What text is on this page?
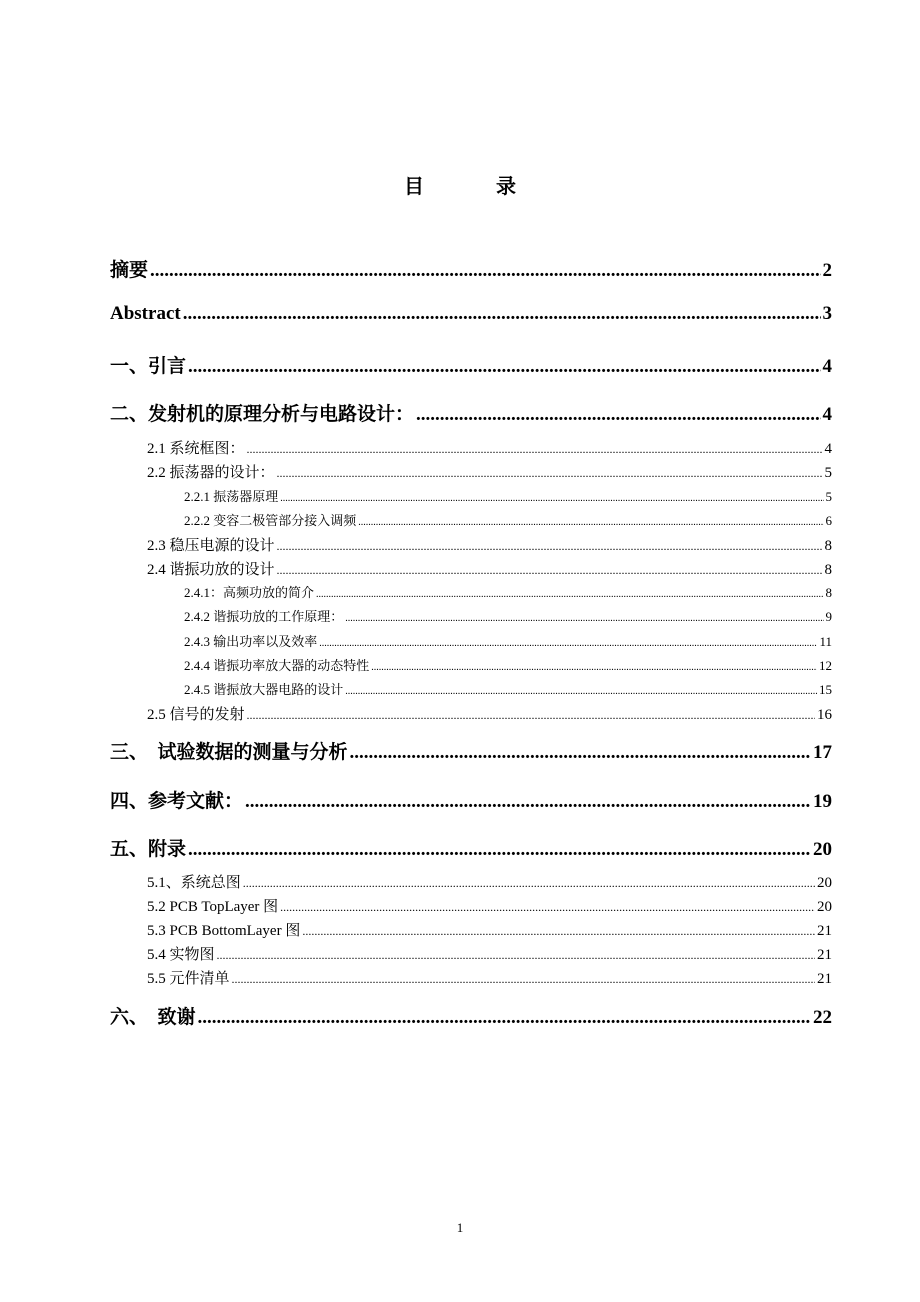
目　录
摘要 .....	2
Abstract .....	3
一、引言 .....	4
二、发射机的原理分析与电路设计： .....	4
2.1 系统框图： .....	4
2.2 振荡器的设计： .....	5
2.2.1 振荡器原理 .....	5
2.2.2 变容二极管部分接入调频 .....	6
2.3 稳压电源的设计 .....	8
2.4 谐振功放的设计 .....	8
2.4.1：高频功放的简介 .....	8
2.4.2 谐振功放的工作原理： .....	9
2.4.3 输出功率以及效率 .....	11
2.4.4 谐振功率放大器的动态特性 .....	12
2.4.5 谐振放大器电路的设计 .....	15
2.5 信号的发射 .....	16
三、　试验数据的测量与分析 .....	17
四、参考文献： .....	19
五、附录 .....	20
5.1、系统总图 .....	20
5.2 PCB TopLayer 图 .....	20
5.3 PCB BottomLayer 图 .....	21
5.4 实物图 .....	21
5.5 元件清单 .....	21
六、　致谢 .....	22
1
